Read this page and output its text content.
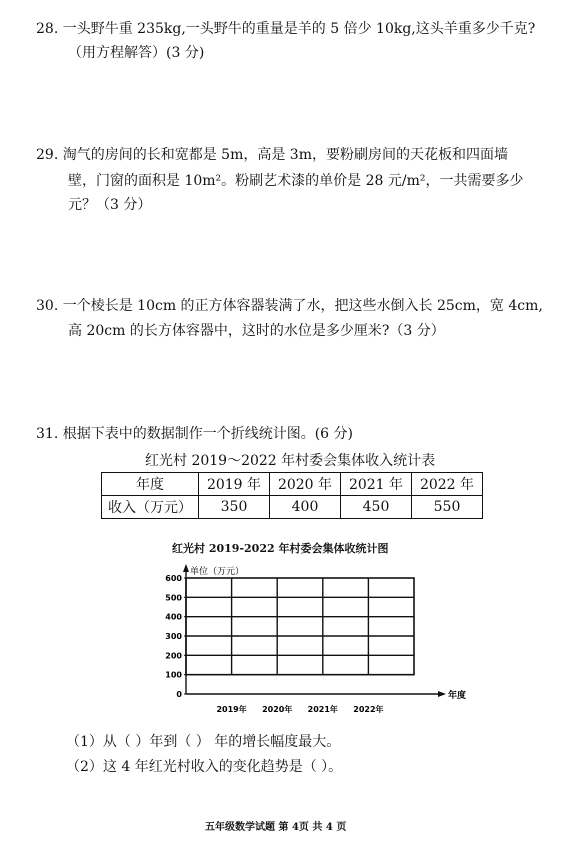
28. 一头野牛重 235kg,一头野牛的重量是羊的 5 倍少 10kg,这头羊重多少千克?
（用方程解答）(3 分)
29. 淘气的房间的长和宽都是 5m，高是 3m，要粉刷房间的天花板和四面墙
壁，门窗的面积是 10m²。粉刷艺术漆的单价是 28 元/m²，一共需要多少
元？（3 分）
30. 一个棱长是 10cm 的正方体容器装满了水，把这些水倒入长 25cm，宽 4cm,
高 20cm 的长方体容器中，这时的水位是多少厘米?（3 分）
31. 根据下表中的数据制作一个折线统计图。(6 分)
红光村 2019～2022 年村委会集体收入统计表
年度	2019 年	2020 年	2021 年	2022 年
收入（万元）	350	400	450	550
红光村 2019-2022 年村委会集体收统计图
0
100
200
300
400
500
600
单位（万元）
年度
2019年 2020年 2021年 2022年
（1）从（ ）年到（ ） 年的增长幅度最大。
（2）这 4 年红光村收入的变化趋势是（ ）。
五年级数学试题 第 4页 共 4 页
